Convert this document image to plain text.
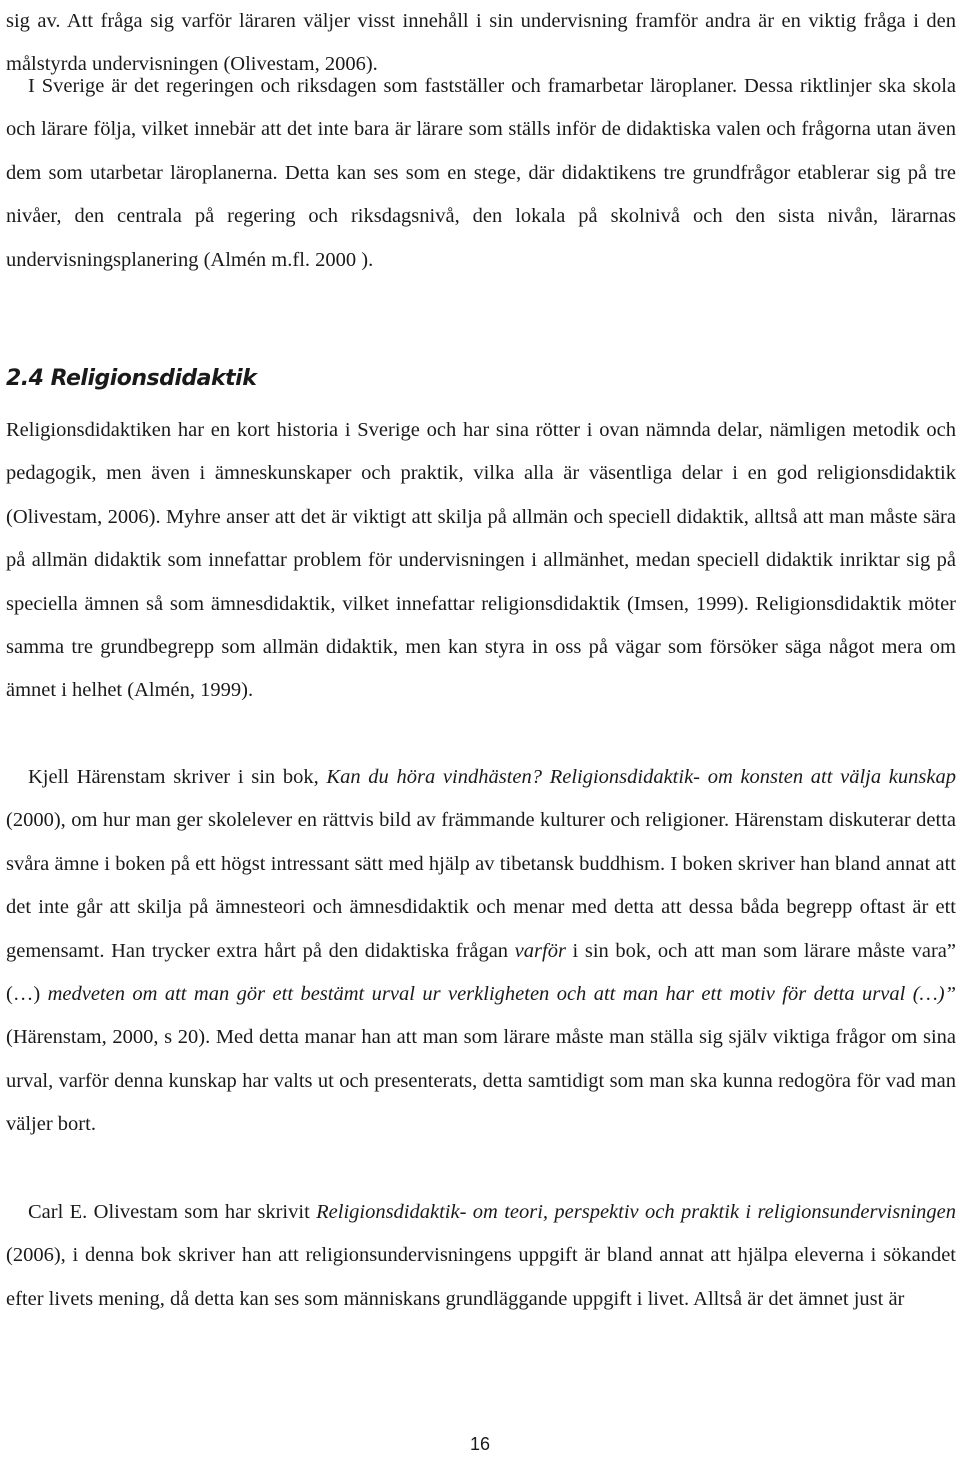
sig av. Att fråga sig varför läraren väljer visst innehåll i sin undervisning framför andra är en viktig fråga i den målstyrda undervisningen (Olivestam, 2006).

I Sverige är det regeringen och riksdagen som fastställer och framarbetar läroplaner. Dessa riktlinjer ska skola och lärare följa, vilket innebär att det inte bara är lärare som ställs inför de didaktiska valen och frågorna utan även dem som utarbetar läroplanerna. Detta kan ses som en stege, där didaktikens tre grundfrågor etablerar sig på tre nivåer, den centrala på regering och riksdagsnivå, den lokala på skolnivå och den sista nivån, lärarnas undervisningsplanering (Almén m.fl. 2000 ).

2.4 Religionsdidaktik

Religionsdidaktiken har en kort historia i Sverige och har sina rötter i ovan nämnda delar, nämligen metodik och pedagogik, men även i ämneskunskaper och praktik, vilka alla är väsentliga delar i en god religionsdidaktik (Olivestam, 2006). Myhre anser att det är viktigt att skilja på allmän och speciell didaktik, alltså att man måste sära på allmän didaktik som innefattar problem för undervisningen i allmänhet, medan speciell didaktik inriktar sig på speciella ämnen så som ämnesdidaktik, vilket innefattar religionsdidaktik (Imsen, 1999). Religionsdidaktik möter samma tre grundbegrepp som allmän didaktik, men kan styra in oss på vägar som försöker säga något mera om ämnet i helhet (Almén, 1999).

Kjell Härenstam skriver i sin bok, Kan du höra vindhästen? Religionsdidaktik- om konsten att välja kunskap (2000), om hur man ger skolelever en rättvis bild av främmande kulturer och religioner. Härenstam diskuterar detta svåra ämne i boken på ett högst intressant sätt med hjälp av tibetansk buddhism. I boken skriver han bland annat att det inte går att skilja på ämnesteori och ämnesdidaktik och menar med detta att dessa båda begrepp oftast är ett gemensamt. Han trycker extra hårt på den didaktiska frågan varför i sin bok, och att man som lärare måste vara” (…) medveten om att man gör ett bestämt urval ur verkligheten och att man har ett motiv för detta urval (…)” (Härenstam, 2000, s 20). Med detta manar han att man som lärare måste man ställa sig själv viktiga frågor om sina urval, varför denna kunskap har valts ut och presenterats, detta samtidigt som man ska kunna redogöra för vad man väljer bort.

Carl E. Olivestam som har skrivit Religionsdidaktik- om teori, perspektiv och praktik i religionsundervisningen (2006), i denna bok skriver han att religionsundervisningens uppgift är bland annat att hjälpa eleverna i sökandet efter livets mening, då detta kan ses som människans grundläggande uppgift i livet. Alltså är det ämnet just är

16
